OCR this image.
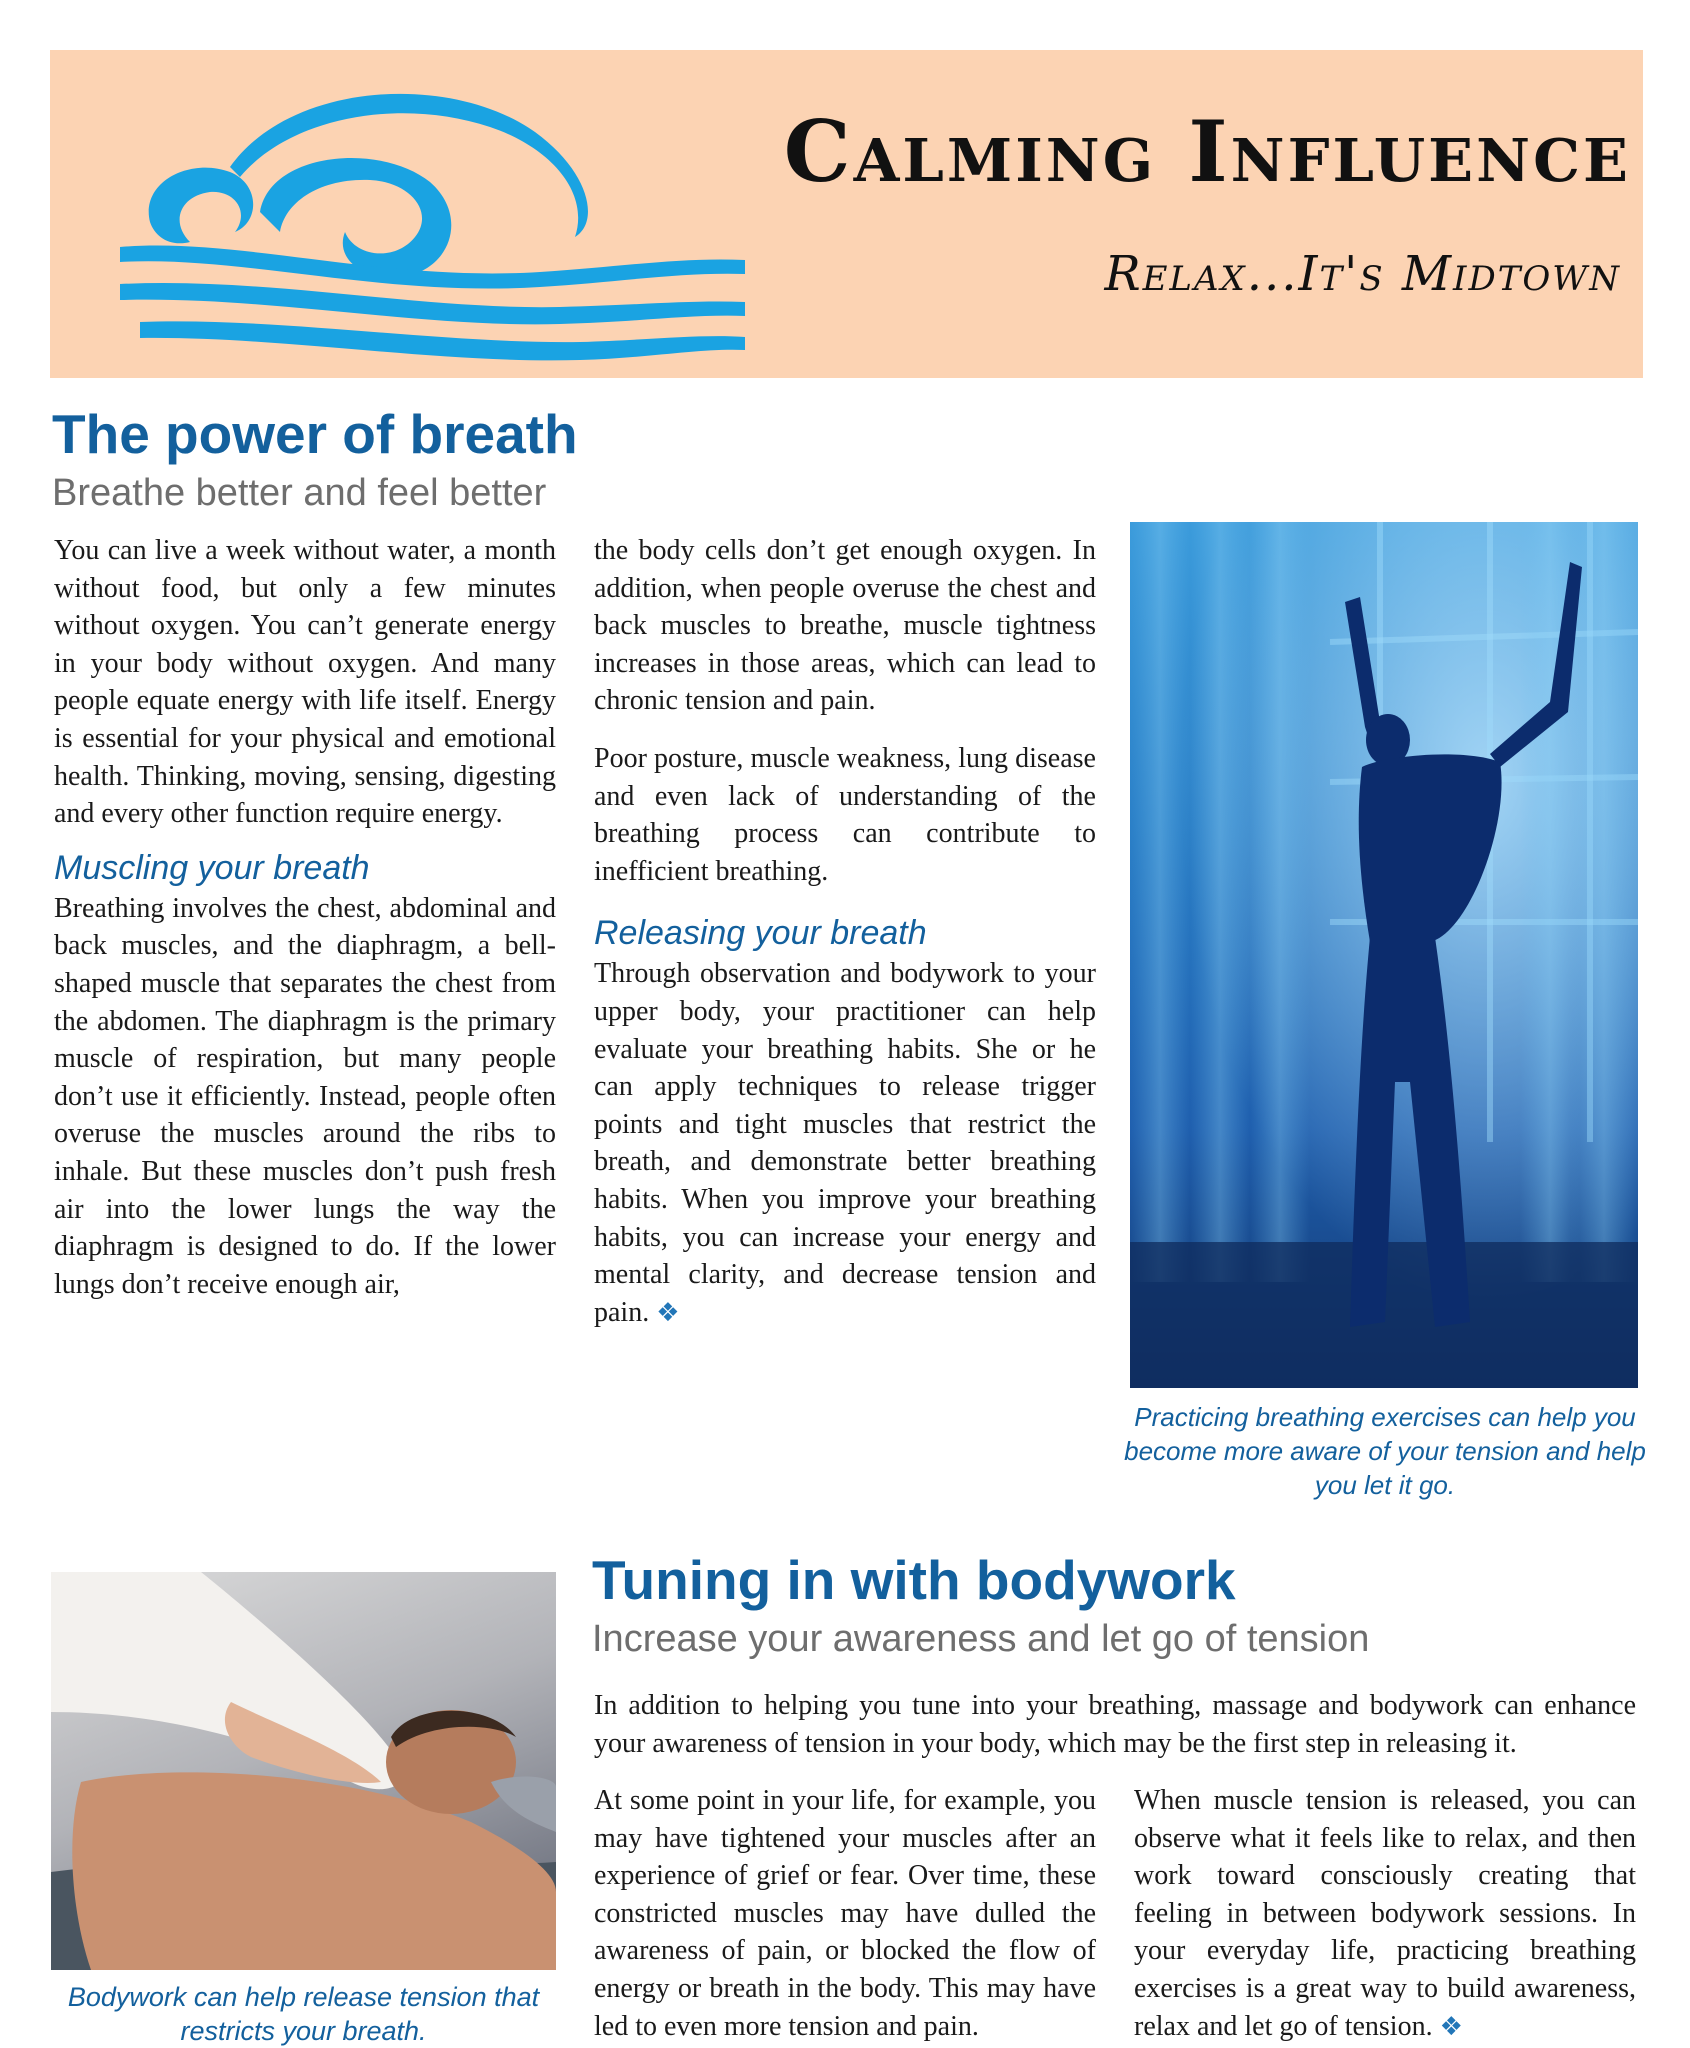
Calming Influence
Relax...It's Midtown
The power of breath
Breathe better and feel better

You can live a week without water, a month without food, but only a few minutes without oxygen. You can’t generate energy in your body without oxygen. And many people equate energy with life itself. Energy is essential for your physical and emotional health. Thinking, moving, sensing, digesting and every other function require energy.

Muscling your breath

Breathing involves the chest, abdominal and back muscles, and the diaphragm, a bell-shaped muscle that separates the chest from the abdomen. The diaphragm is the primary muscle of respiration, but many people don’t use it efficiently. Instead, people often overuse the muscles around the ribs to inhale. But these muscles don’t push fresh air into the lower lungs the way the diaphragm is designed to do. If the lower lungs don’t receive enough air,

the body cells don’t get enough oxygen. In addition, when people overuse the chest and back muscles to breathe, muscle tightness increases in those areas, which can lead to chronic tension and pain.

Poor posture, muscle weakness, lung disease and even lack of understanding of the breathing process can contribute to inefficient breathing.

Releasing your breath

Through observation and bodywork to your upper body, your practitioner can help evaluate your breathing habits. She or he can apply techniques to release trigger points and tight muscles that restrict the breath, and demonstrate better breathing habits. When you improve your breathing habits, you can increase your energy and mental clarity, and decrease tension and pain. ❖

Practicing breathing exercises can help you become more aware of your tension and help you let it go.

Bodywork can help release tension that restricts your breath.

Tuning in with bodywork
Increase your awareness and let go of tension

In addition to helping you tune into your breathing, massage and bodywork can enhance your awareness of tension in your body, which may be the first step in releasing it.

At some point in your life, for example, you may have tightened your muscles after an experience of grief or fear. Over time, these constricted muscles may have dulled the awareness of pain, or blocked the flow of energy or breath in the body. This may have led to even more tension and pain.

When muscle tension is released, you can observe what it feels like to relax, and then work toward consciously creating that feeling in between bodywork sessions. In your everyday life, practicing breathing exercises is a great way to build awareness, relax and let go of tension. ❖
